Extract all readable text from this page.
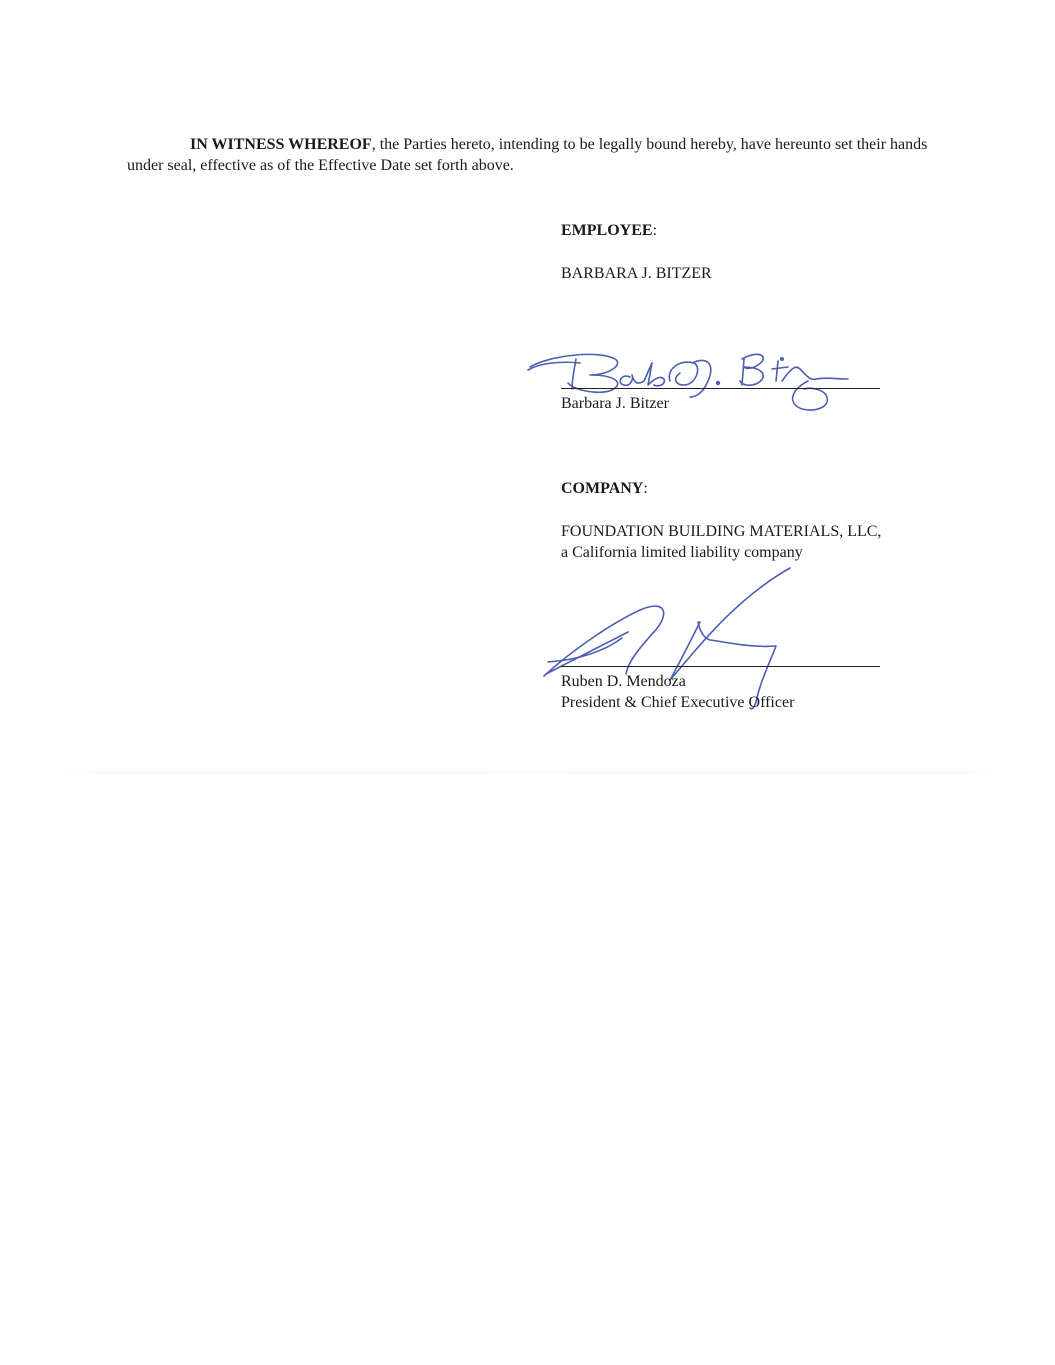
IN WITNESS WHEREOF, the Parties hereto, intending to be legally bound hereby, have hereunto set their hands under seal, effective as of the Effective Date set forth above.
EMPLOYEE:
BARBARA J. BITZER
Barbara J. Bitzer
COMPANY:
FOUNDATION BUILDING MATERIALS, LLC,
a California limited liability company
Ruben D. Mendoza
President & Chief Executive Officer
